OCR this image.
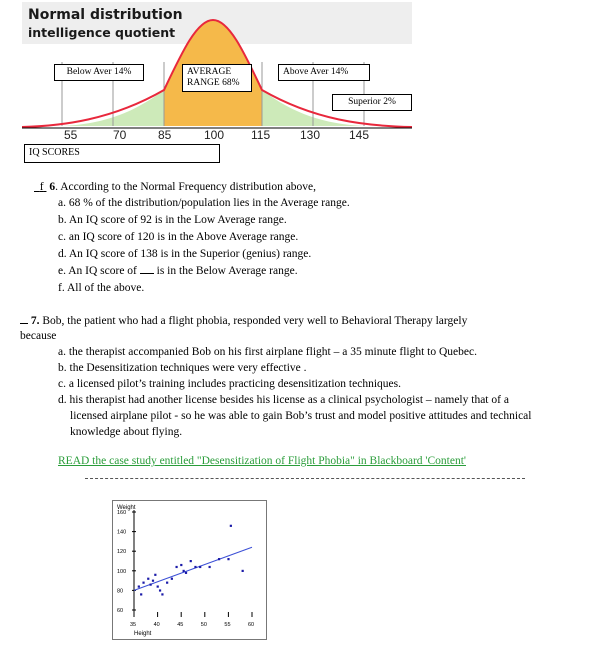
Normal distribution
intelligence quotient
Below Aver 14%	AVERAGE
RANGE 68%
Above Aver 14%
Superior 2%
55	70	85	100 115 130 145
IQ SCORES
f 6. According to the Normal Frequency distribution above,
a. 68 % of the distribution/population lies in the Average range.
b. An IQ score of 92 is in the Low Average range.
c. an IQ score of 120 is in the Above Average range.
d. An IQ score of 138 is in the Superior (genius) range.
e. An IQ score of is in the Below Average range.
f. All of the above.
7. Bob, the patient who had a flight phobia, responded very well to Behavioral Therapy largely
because
a. the therapist accompanied Bob on his first airplane flight – a 35 minute flight to Quebec.
b. the Desensitization techniques were very effective .
c. a licensed pilot’s training includes practicing desensitization techniques.
d. his therapist had another license besides his license as a clinical psychologist – namely that of a
licensed airplane pilot - so he was able to gain Bob’s trust and model positive attitudes and technical
knowledge about flying.
READ the case study entitled "Desensitization of Flight Phobia" in Blackboard 'Content'
Weight
Height
160
140
120
100
80
60
35	40	45	50	55	60
